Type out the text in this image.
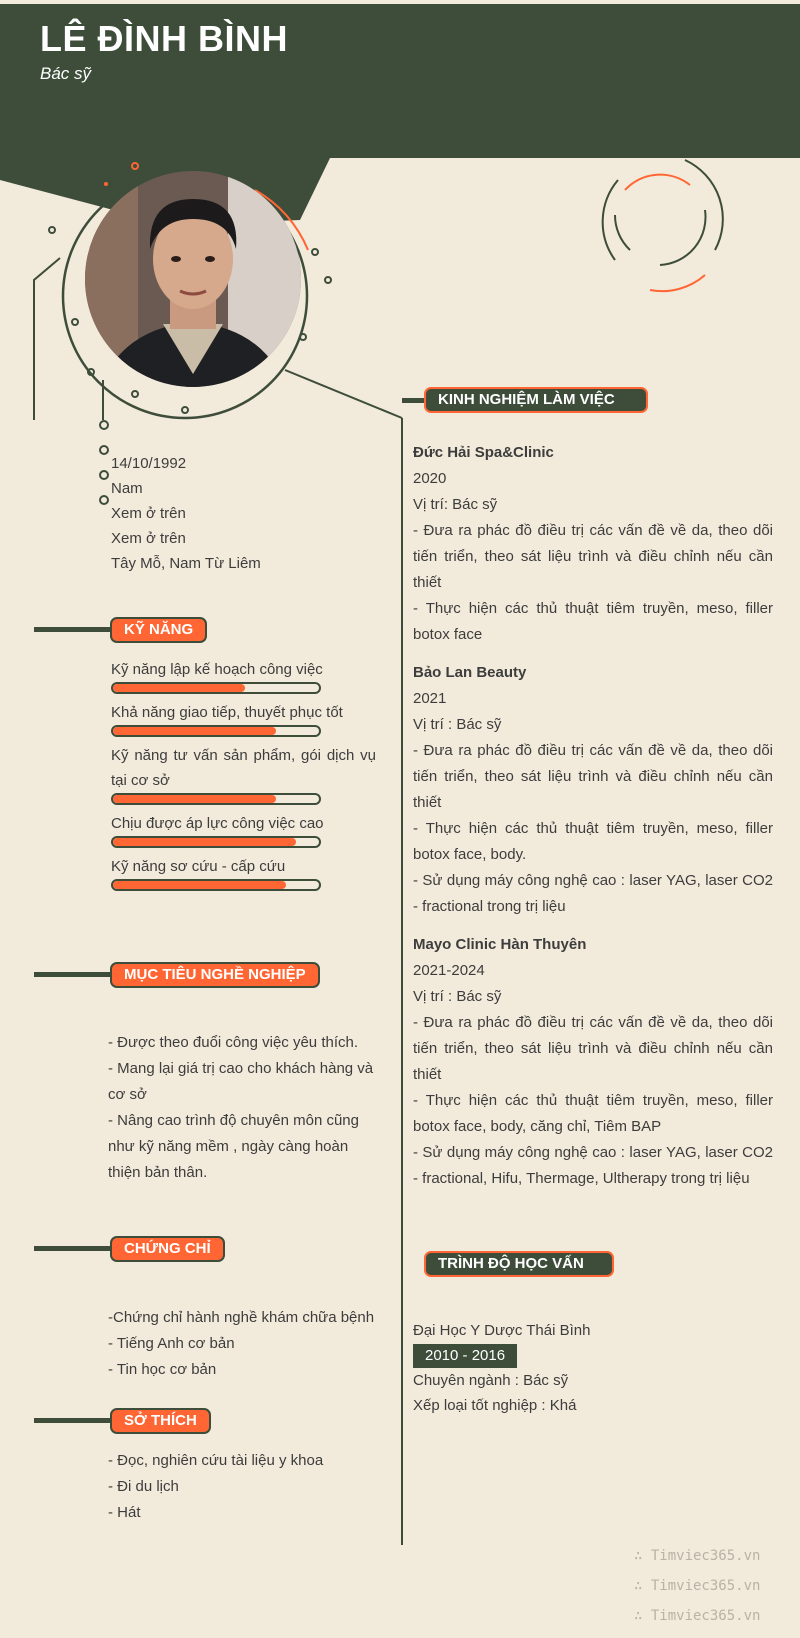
LÊ ĐÌNH BÌNH
Bác sỹ
14/10/1992
Nam
Xem ở trên
Xem ở trên
Tây Mỗ, Nam Từ Liêm
KỸ NĂNG
Kỹ năng lập kế hoạch công việc
Khả năng giao tiếp, thuyết phục tốt
Kỹ năng tư vấn sản phẩm, gói dịch vụ tại cơ sở
Chịu được áp lực công việc cao
Kỹ năng sơ cứu - cấp cứu
MỤC TIÊU NGHỀ NGHIỆP
- Được theo đuổi công việc yêu thích.
- Mang lại giá trị cao cho khách hàng và cơ sở
- Nâng cao trình độ chuyên môn cũng như kỹ năng mềm , ngày càng hoàn thiện bản thân.
CHỨNG CHỈ
-Chứng chỉ hành nghề khám chữa bệnh
- Tiếng Anh cơ bản
- Tin học cơ bản
SỞ THÍCH
- Đọc, nghiên cứu tài liệu y khoa
- Đi du lịch
- Hát
KINH NGHIỆM LÀM VIỆC
Đức Hải Spa&Clinic
2020
Vị trí: Bác sỹ
- Đưa ra phác đồ điều trị các vấn đề về da, theo dõi tiến triển, theo sát liệu trình và điều chỉnh nếu cần thiết
- Thực hiện các thủ thuật tiêm truyền, meso, filler botox face
Bảo Lan Beauty
2021
Vị trí : Bác sỹ
- Đưa ra phác đồ điều trị các vấn đề về da, theo dõi tiến triển, theo sát liệu trình và điều chỉnh nếu cần thiết
- Thực hiện các thủ thuật tiêm truyền, meso, filler botox face, body.
- Sử dụng máy công nghệ cao : laser YAG, laser CO2 - fractional trong trị liệu
Mayo Clinic Hàn Thuyên
2021-2024
Vị trí : Bác sỹ
- Đưa ra phác đồ điều trị các vấn đề về da, theo dõi tiến triển, theo sát liệu trình và điều chỉnh nếu cần thiết
- Thực hiện các thủ thuật tiêm truyền, meso, filler botox face, body, căng chỉ, Tiêm BAP
- Sử dụng máy công nghệ cao : laser YAG, laser CO2 - fractional, Hifu, Thermage, Ultherapy trong trị liệu
TRÌNH ĐỘ HỌC VẤN
Đại Học Y Dược Thái Bình
2010 - 2016
Chuyên ngành : Bác sỹ
Xếp loại tốt nghiệp : Khá
∴ Timviec365.vn
∴ Timviec365.vn
∴ Timviec365.vn
